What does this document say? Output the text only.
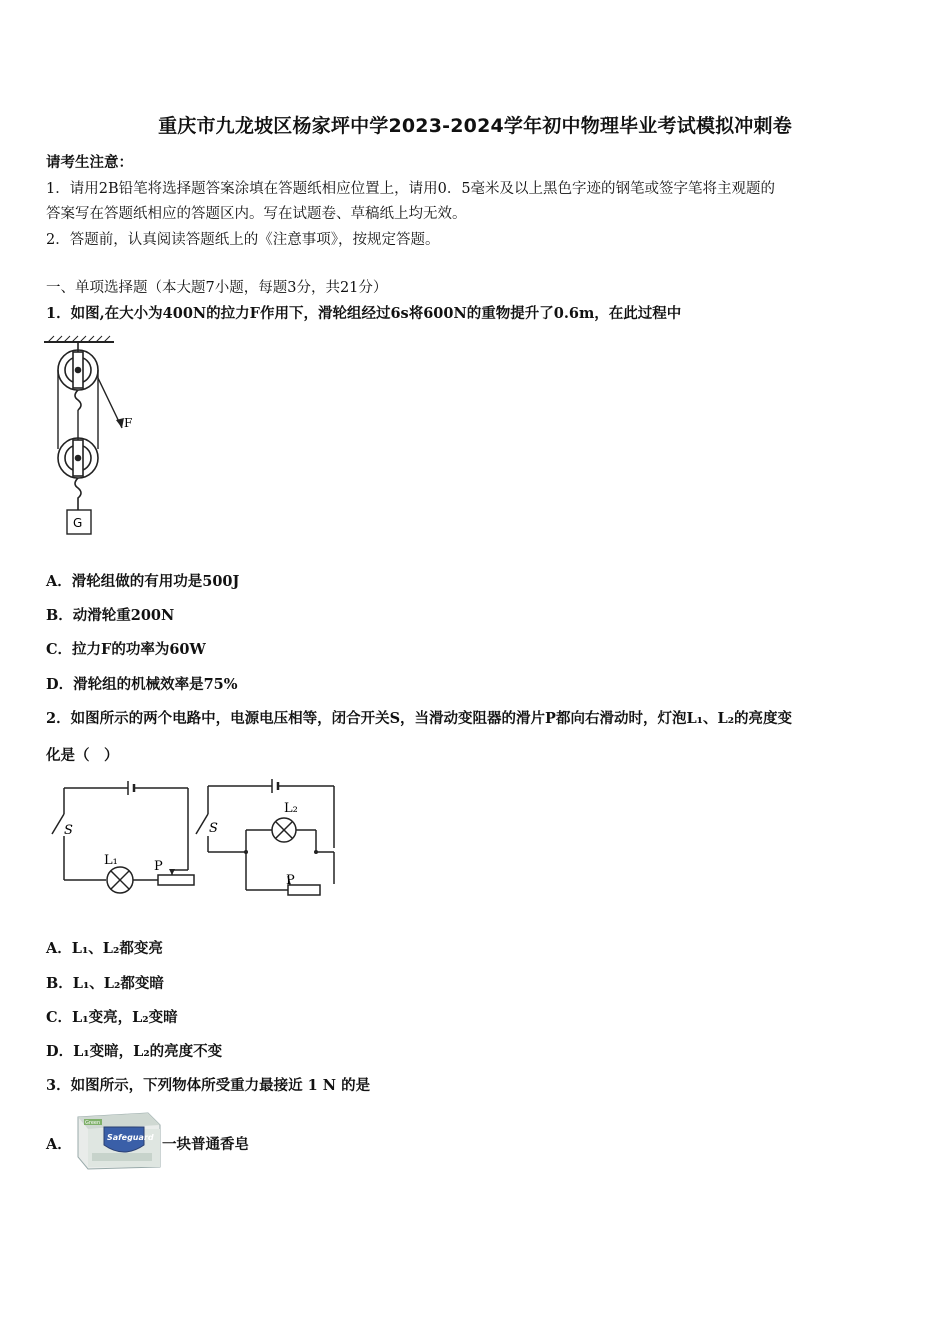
重庆市九龙坡区杨家坪中学2023-2024学年初中物理毕业考试模拟冲刺卷
请考生注意：
1．请用2B铅笔将选择题答案涂填在答题纸相应位置上，请用0．5毫米及以上黑色字迹的钢笔或签字笔将主观题的
答案写在答题纸相应的答题区内。写在试题卷、草稿纸上均无效。
2．答题前，认真阅读答题纸上的《注意事项》，按规定答题。
一、单项选择题（本大题7小题，每题3分，共21分）
1．如图,在大小为400N的拉力F作用下，滑轮组经过6s将600N的重物提升了0.6m，在此过程中
F
G
A．滑轮组做的有用功是500J
B．动滑轮重200N
C．拉力F的功率为60W
D．滑轮组的机械效率是75%
2．如图所示的两个电路中，电源电压相等，闭合开关S，当滑动变阻器的滑片P都向右滑动时，灯泡L₁、L₂的亮度变
化是（　）
S
L₁	P
S
L₂
P
A．L₁、L₂都变亮
B．L₁、L₂都变暗
C．L₁变亮，L₂变暗
D．L₁变暗，L₂的亮度不变
3．如图所示，下列物体所受重力最接近 1 N 的是
A．
Green
Safeguard 一块普通香皂
